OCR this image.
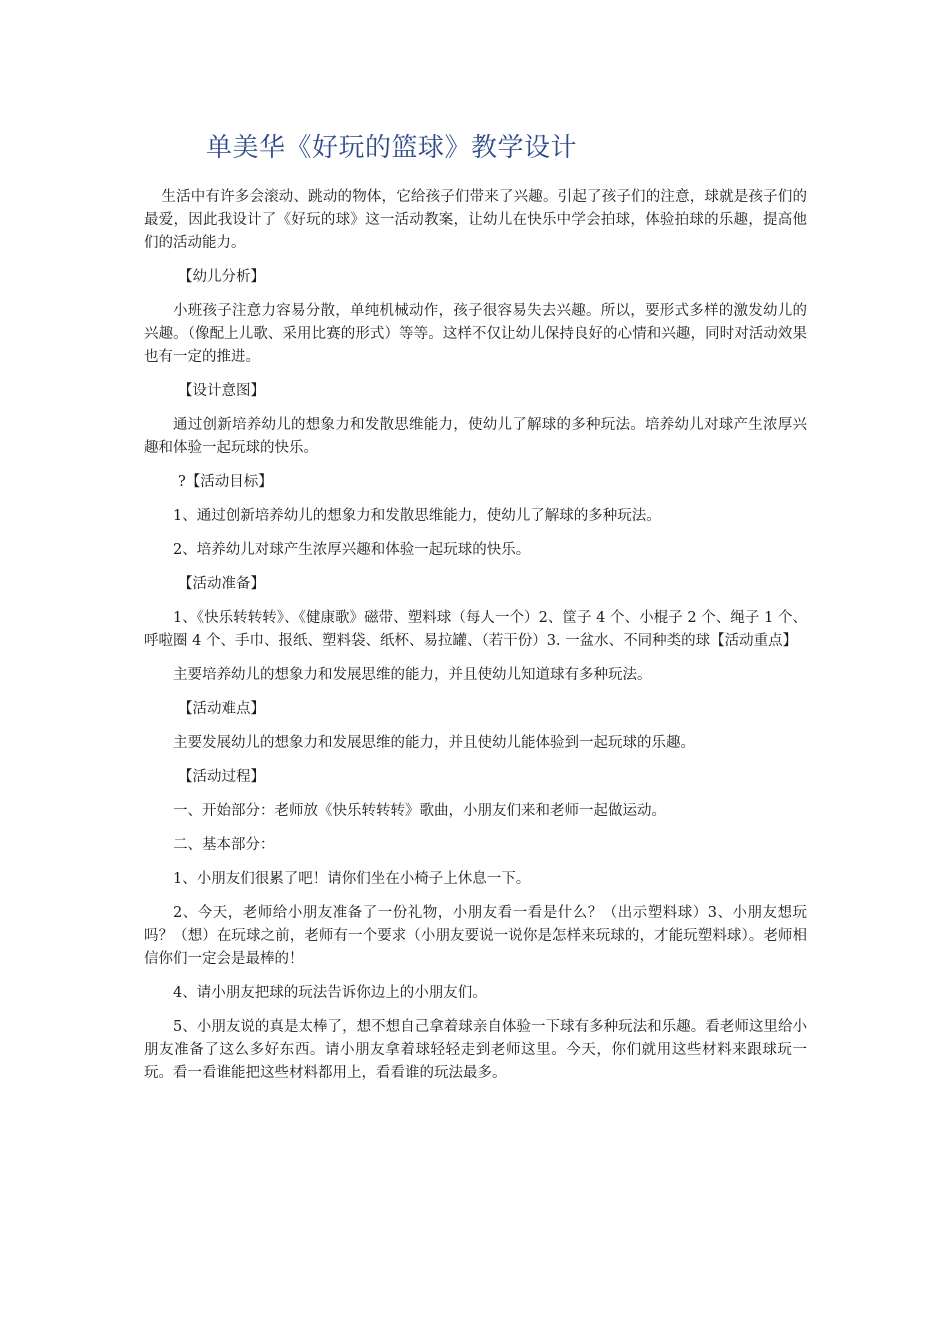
单美华《好玩的篮球》教学设计

生活中有许多会滚动、跳动的物体，它给孩子们带来了兴趣。引起了孩子们的注意，球就是孩子们的最爱，因此我设计了《好玩的球》这一活动教案，让幼儿在快乐中学会拍球，体验拍球的乐趣，提高他们的活动能力。

【幼儿分析】

小班孩子注意力容易分散，单纯机械动作，孩子很容易失去兴趣。所以，要形式多样的激发幼儿的兴趣。（像配上儿歌、采用比赛的形式）等等。这样不仅让幼儿保持良好的心情和兴趣，同时对活动效果也有一定的推进。

【设计意图】

通过创新培养幼儿的想象力和发散思维能力，使幼儿了解球的多种玩法。培养幼儿对球产生浓厚兴趣和体验一起玩球的快乐。

?【活动目标】

1、通过创新培养幼儿的想象力和发散思维能力，使幼儿了解球的多种玩法。

2、培养幼儿对球产生浓厚兴趣和体验一起玩球的快乐。

【活动准备】

1、《快乐转转转》、《健康歌》磁带、塑料球（每人一个）2、筐子 4 个、小棍子 2 个、绳子 1 个、呼啦圈 4 个、手巾、报纸、塑料袋、纸杯、易拉罐、（若干份）3. 一盆水、不同种类的球【活动重点】

主要培养幼儿的想象力和发展思维的能力，并且使幼儿知道球有多种玩法。

【活动难点】

主要发展幼儿的想象力和发展思维的能力，并且使幼儿能体验到一起玩球的乐趣。

【活动过程】

一、开始部分：老师放《快乐转转转》歌曲，小朋友们来和老师一起做运动。

二、基本部分：

1、小朋友们很累了吧！请你们坐在小椅子上休息一下。

2、今天，老师给小朋友准备了一份礼物，小朋友看一看是什么？（出示塑料球）3、小朋友想玩吗？（想）在玩球之前，老师有一个要求（小朋友要说一说你是怎样来玩球的，才能玩塑料球）。老师相信你们一定会是最棒的！

4、请小朋友把球的玩法告诉你边上的小朋友们。

5、小朋友说的真是太棒了，想不想自己拿着球亲自体验一下球有多种玩法和乐趣。看老师这里给小朋友准备了这么多好东西。请小朋友拿着球轻轻走到老师这里。今天，你们就用这些材料来跟球玩一玩。看一看谁能把这些材料都用上，看看谁的玩法最多。
